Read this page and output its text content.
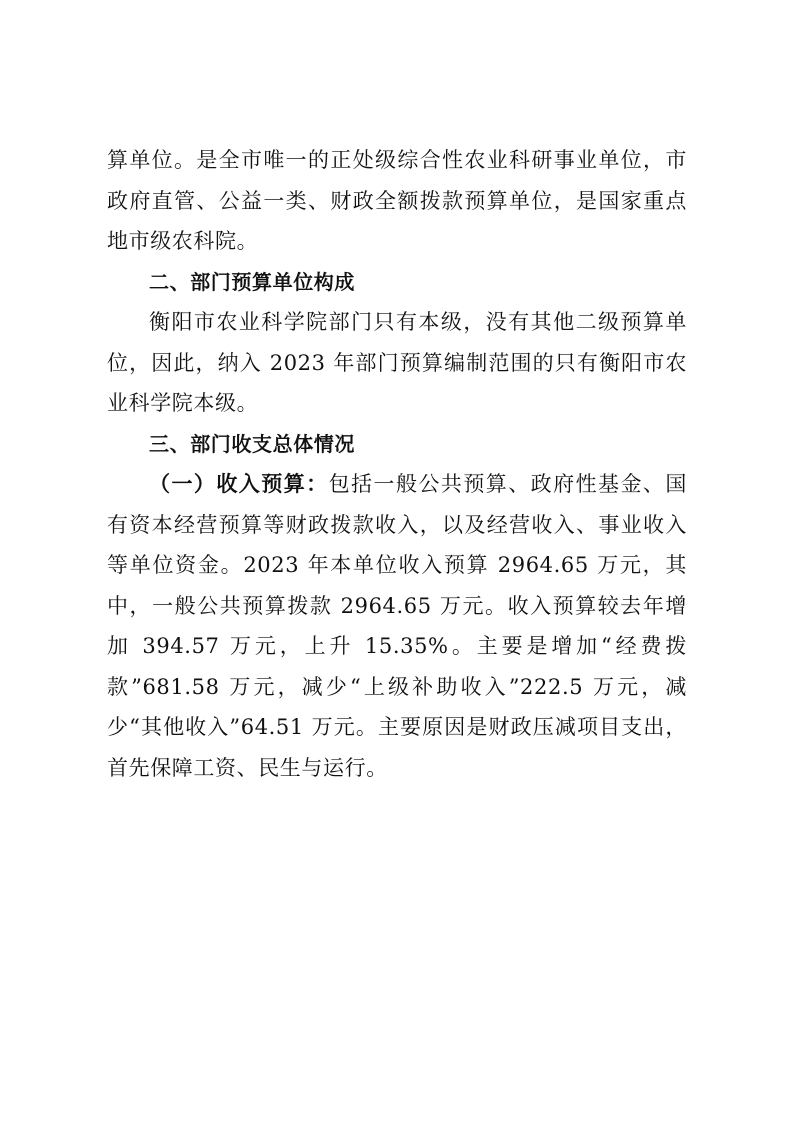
算单位。是全市唯一的正处级综合性农业科研事业单位，市政府直管、公益一类、财政全额拨款预算单位，是国家重点地市级农科院。

二、部门预算单位构成

衡阳市农业科学院部门只有本级，没有其他二级预算单位，因此，纳入 2023 年部门预算编制范围的只有衡阳市农业科学院本级。

三、部门收支总体情况

（一）收入预算：包括一般公共预算、政府性基金、国有资本经营预算等财政拨款收入，以及经营收入、事业收入等单位资金。2023 年本单位收入预算 2964.65 万元，其中，一般公共预算拨款 2964.65 万元。收入预算较去年增加 394.57 万元，上升 15.35%。主要是增加“经费拨款”681.58 万元，减少“上级补助收入”222.5 万元，减少“其他收入”64.51 万元。主要原因是财政压减项目支出，首先保障工资、民生与运行。
